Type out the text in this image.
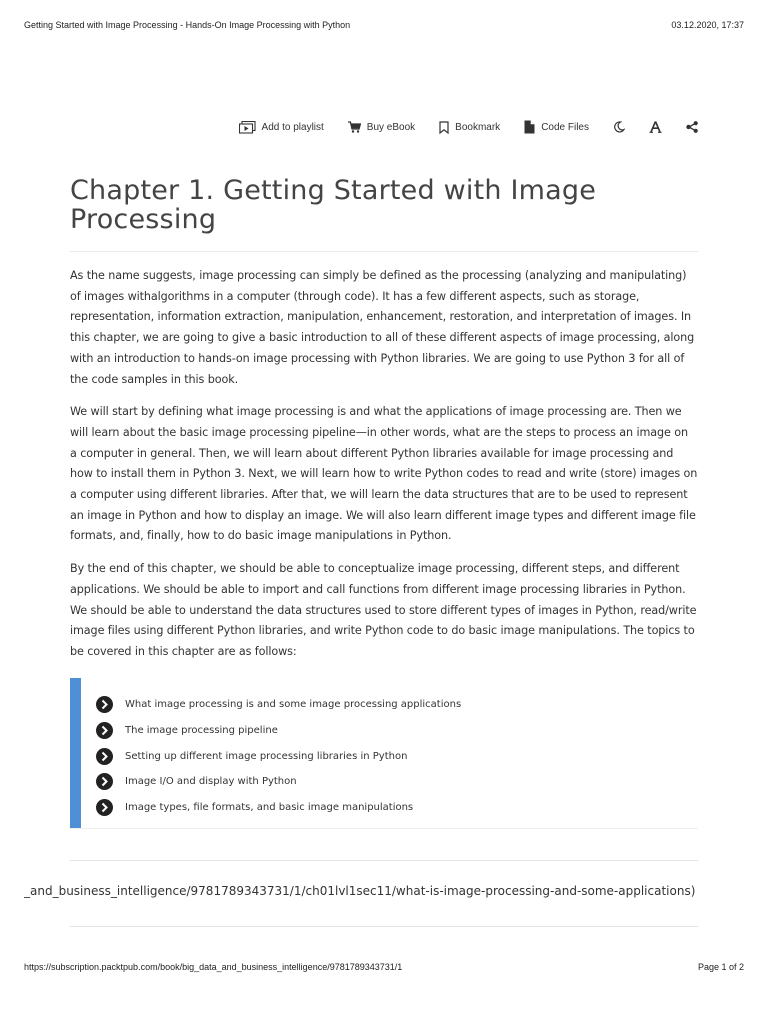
Getting Started with Image Processing - Hands-On Image Processing with Python	03.12.2020, 17:37
Add to playlist	Buy eBook	Bookmark	Code Files
Chapter 1. Getting Started with Image Processing

As the name suggests, image processing can simply be defined as the processing (analyzing and manipulating) of images withalgorithms in a computer (through code). It has a few different aspects, such as storage, representation, information extraction, manipulation, enhancement, restoration, and interpretation of images. In this chapter, we are going to give a basic introduction to all of these different aspects of image processing, along with an introduction to hands-on image processing with Python libraries. We are going to use Python 3 for all of the code samples in this book.

We will start by defining what image processing is and what the applications of image processing are. Then we will learn about the basic image processing pipeline—in other words, what are the steps to process an image on a computer in general. Then, we will learn about different Python libraries available for image processing and how to install them in Python 3. Next, we will learn how to write Python codes to read and write (store) images on a computer using different libraries. After that, we will learn the data structures that are to be used to represent an image in Python and how to display an image. We will also learn different image types and different image file formats, and, finally, how to do basic image manipulations in Python.

By the end of this chapter, we should be able to conceptualize image processing, different steps, and different applications. We should be able to import and call functions from different image processing libraries in Python. We should be able to understand the data structures used to store different types of images in Python, read/write image files using different Python libraries, and write Python code to do basic image manipulations. The topics to be covered in this chapter are as follows:

What image processing is and some image processing applications
The image processing pipeline
Setting up different image processing libraries in Python
Image I/O and display with Python
Image types, file formats, and basic image manipulations
_and_business_intelligence/9781789343731/1/ch01lvl1sec11/what-is-image-processing-and-some-applications)
https://subscription.packtpub.com/book/big_data_and_business_intelligence/9781789343731/1	Page 1 of 2
